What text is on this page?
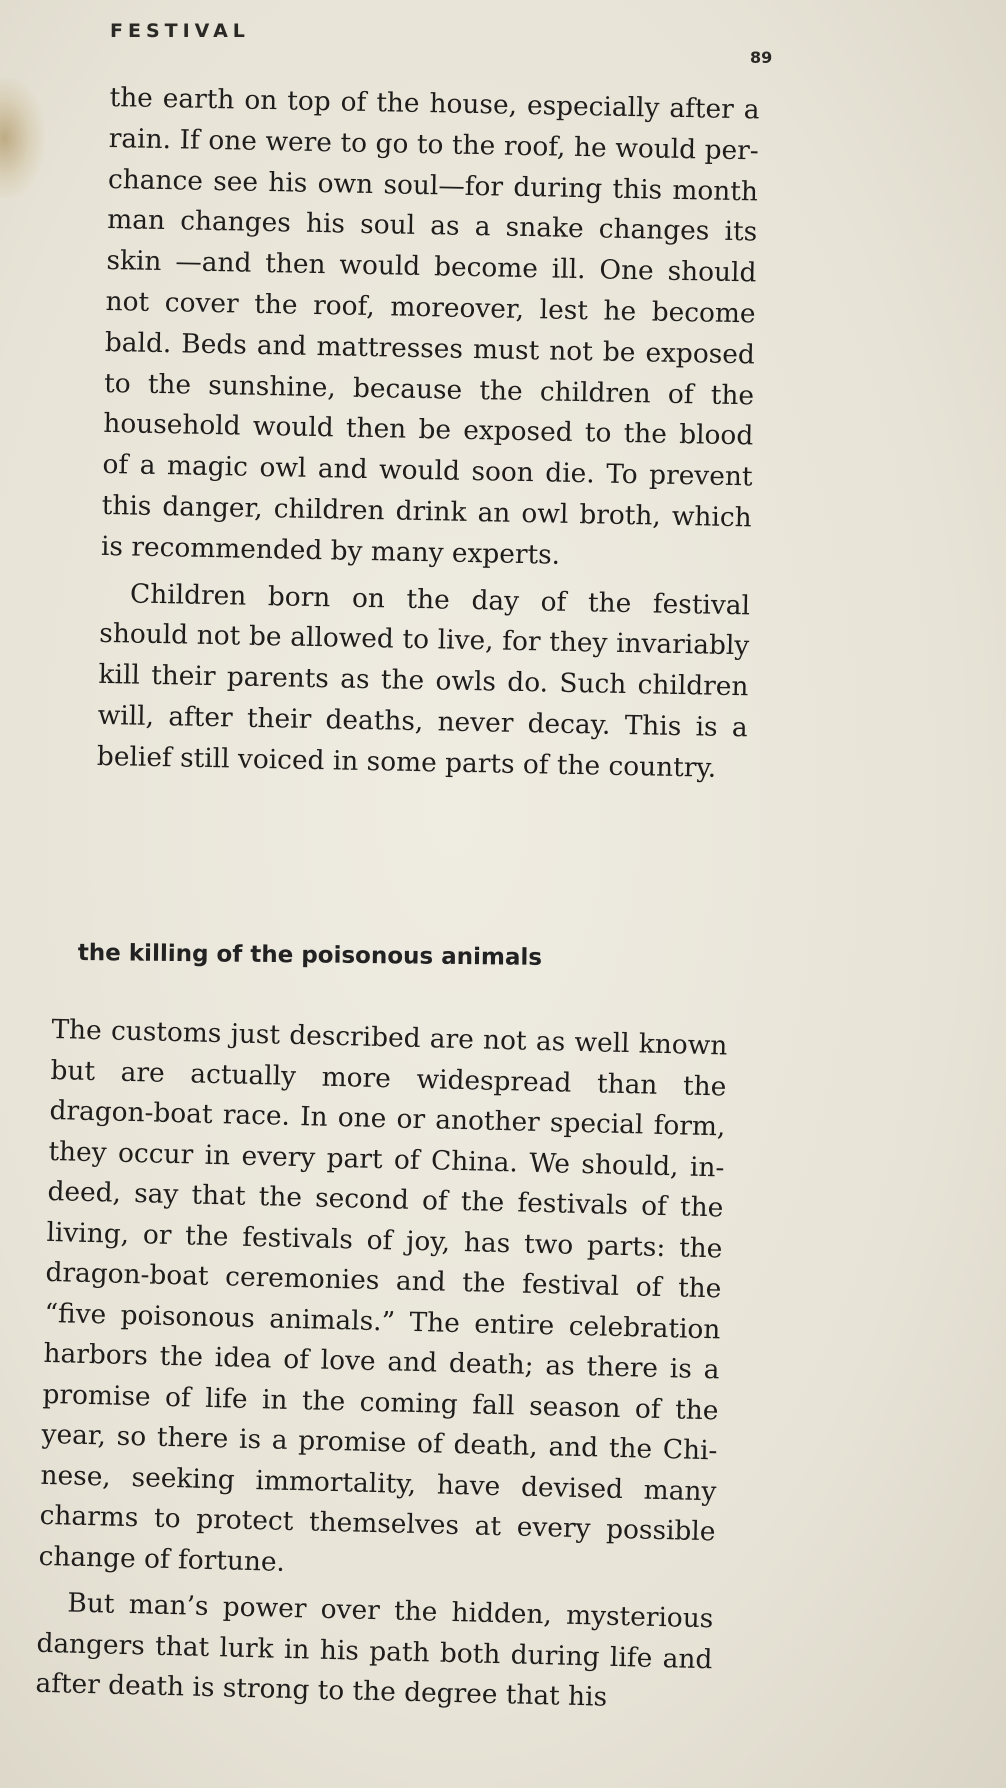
FESTIVAL
89

the earth on top of the house, especially after a rain. If one were to go to the roof, he would perchance see his own soul—for during this month man changes his soul as a snake changes its skin —and then would become ill. One should not cover the roof, moreover, lest he become bald. Beds and mattresses must not be exposed to the sunshine, because the children of the household would then be exposed to the blood of a magic owl and would soon die. To prevent this danger, children drink an owl broth, which is recommended by many experts.

Children born on the day of the festival should not be allowed to live, for they invariably kill their parents as the owls do. Such children will, after their deaths, never decay. This is a belief still voiced in some parts of the country.

the killing of the poisonous animals

The customs just described are not as well known but are actually more widespread than the dragon-boat race. In one or another special form, they occur in every part of China. We should, indeed, say that the second of the festivals of the living, or the festivals of joy, has two parts: the dragon-boat ceremonies and the festival of the “five poisonous animals.” The entire celebration harbors the idea of love and death; as there is a promise of life in the coming fall season of the year, so there is a promise of death, and the Chinese, seeking immortality, have devised many charms to protect themselves at every possible change of fortune.

But man’s power over the hidden, mysterious dangers that lurk in his path both during life and after death is strong to the degree that his
